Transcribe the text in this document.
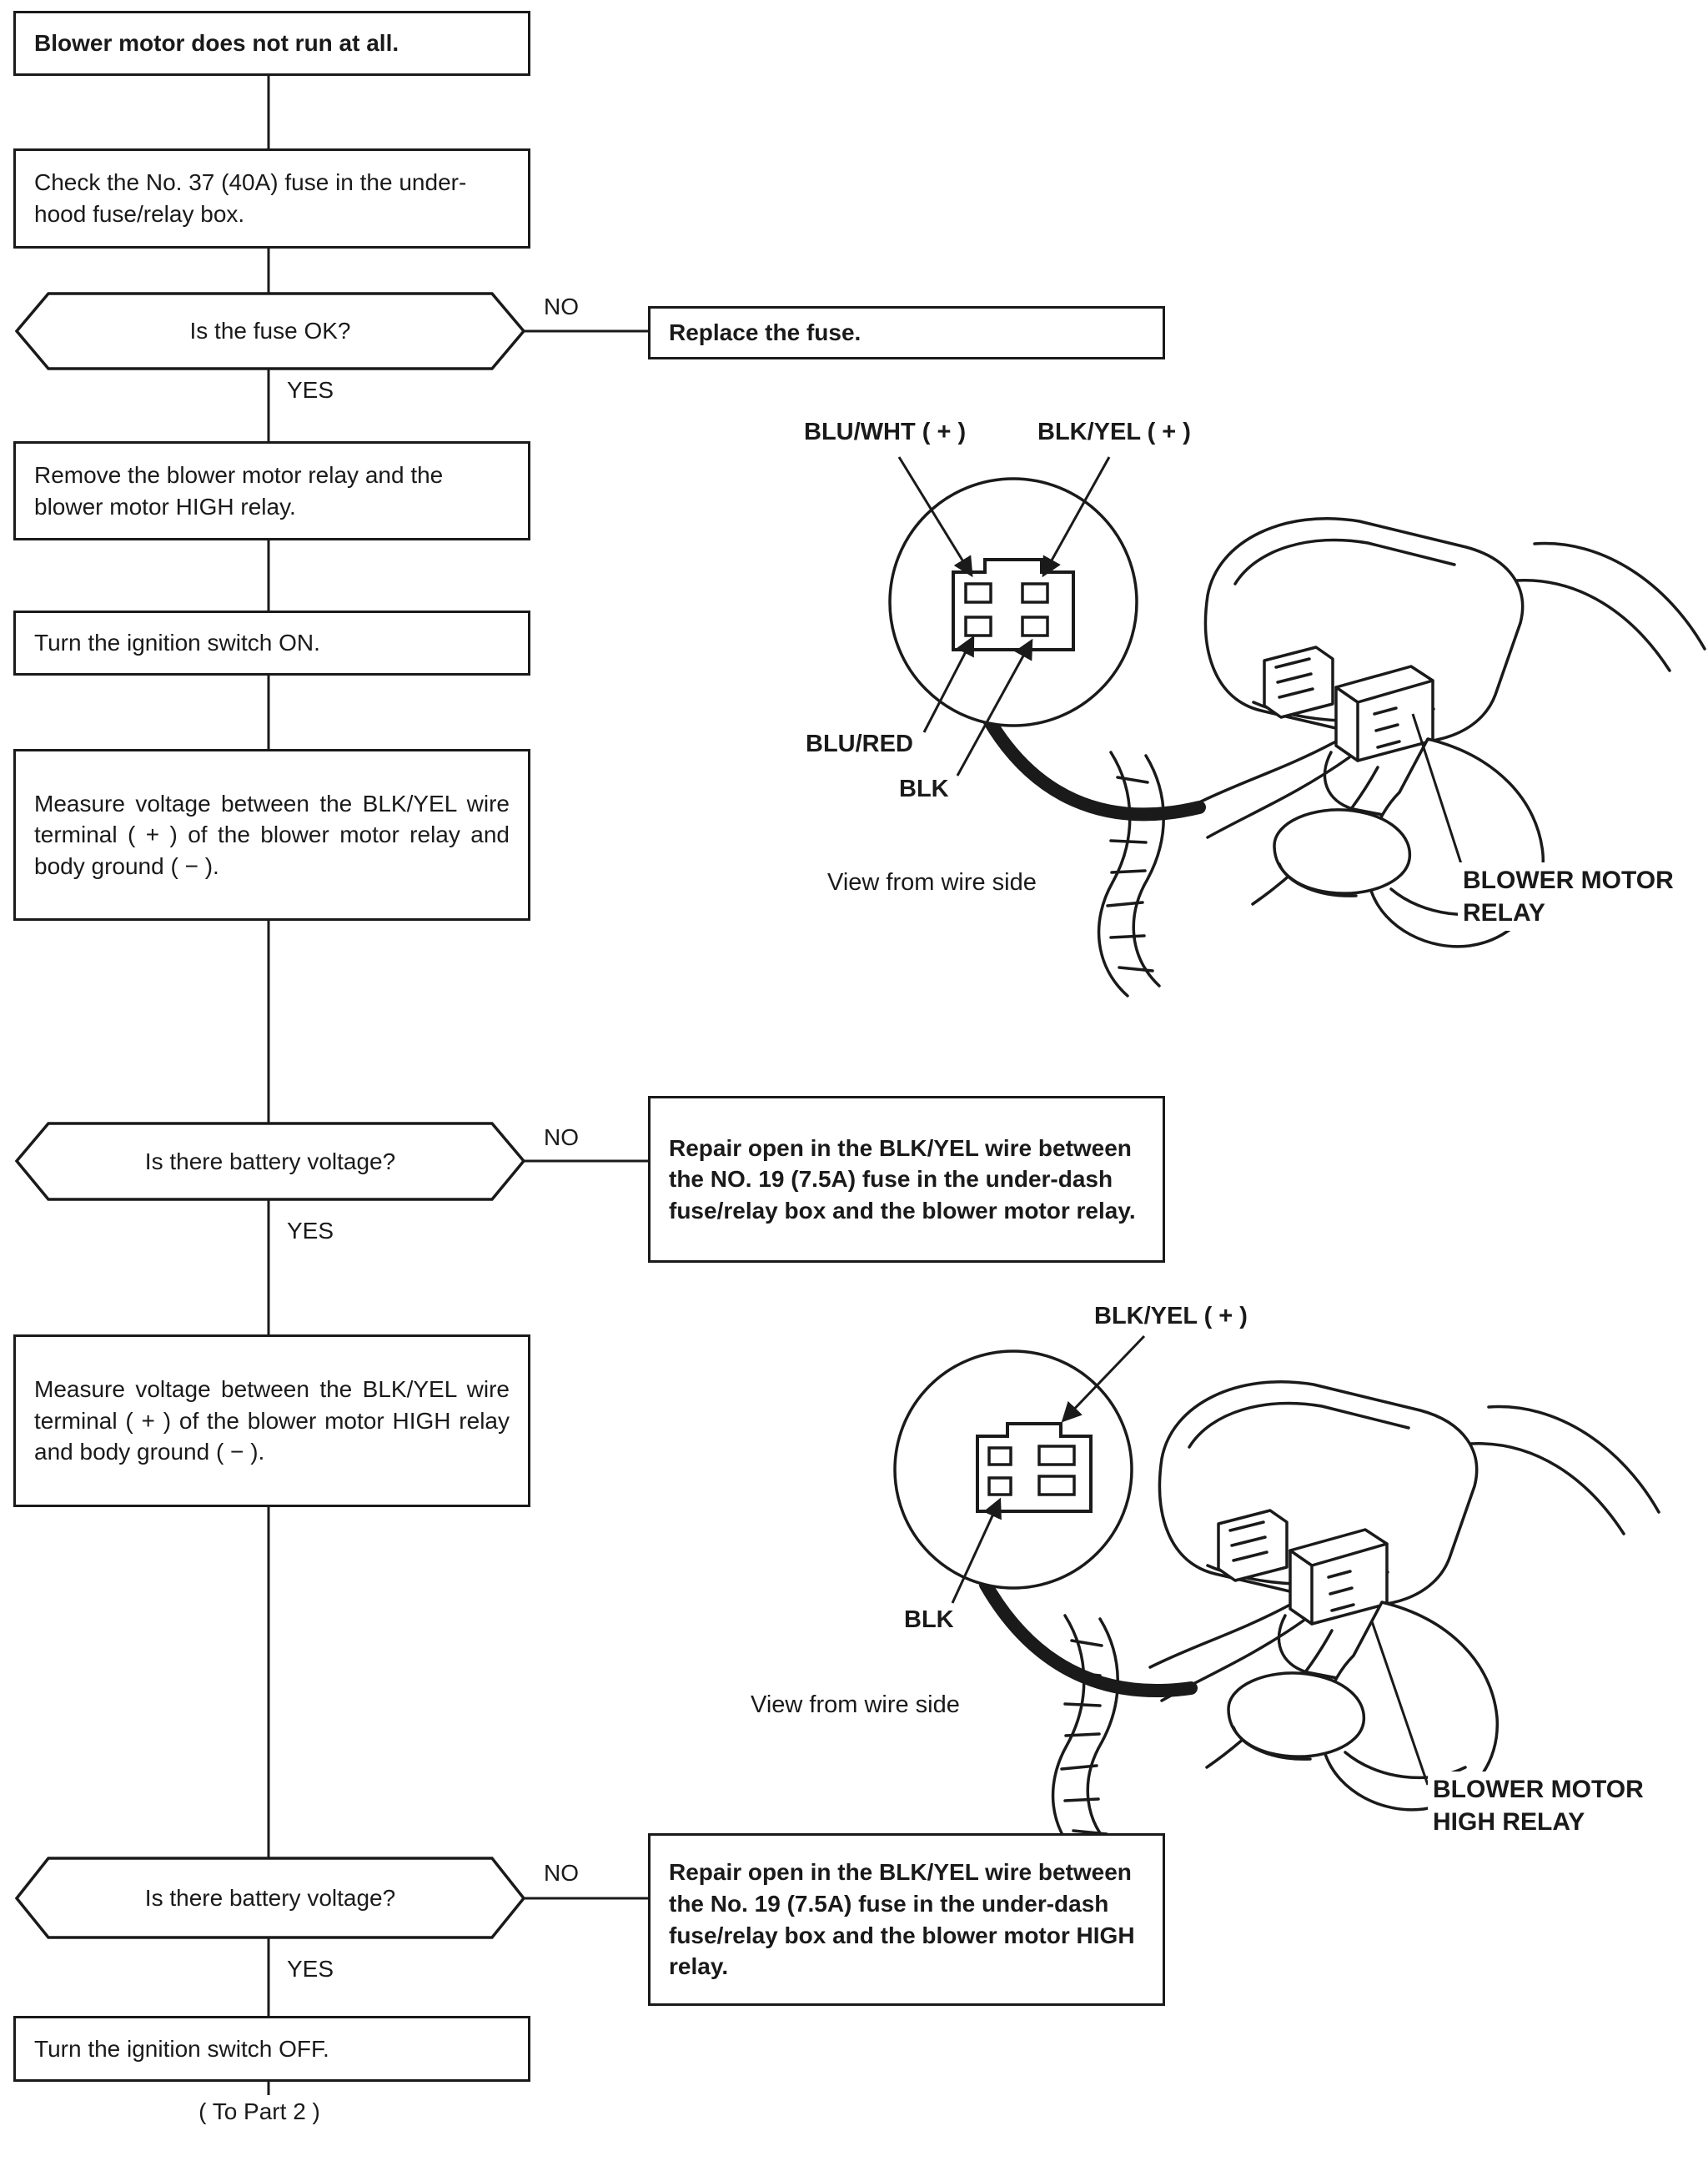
Blower motor does not run at all.
Check the No. 37 (40A) fuse in the under-hood fuse/relay box.
Is the fuse OK?
NO
YES
Replace the fuse.
Remove the blower motor relay and the blower motor HIGH relay.
Turn the ignition switch ON.
Measure voltage between the BLK/YEL wire terminal ( + ) of the blower motor relay and body ground ( − ).
Is there battery voltage?
NO
YES
Repair open in the BLK/YEL wire between the NO. 19 (7.5A) fuse in the under-dash fuse/relay box and the blower motor relay.
Measure voltage between the BLK/YEL wire terminal ( + ) of the blower motor HIGH relay and body ground ( − ).
Is there battery voltage?
NO
YES
Repair open in the BLK/YEL wire between the No. 19 (7.5A) fuse in the under-dash fuse/relay box and the blower motor HIGH relay.
Turn the ignition switch OFF.
( To Part 2 )
BLU/WHT ( + )	BLK/YEL ( + )
BLU/RED
BLK
View from wire side	BLOWER MOTOR
RELAY
BLK/YEL ( + )
BLK
View from wire side
BLOWER MOTOR
HIGH RELAY
